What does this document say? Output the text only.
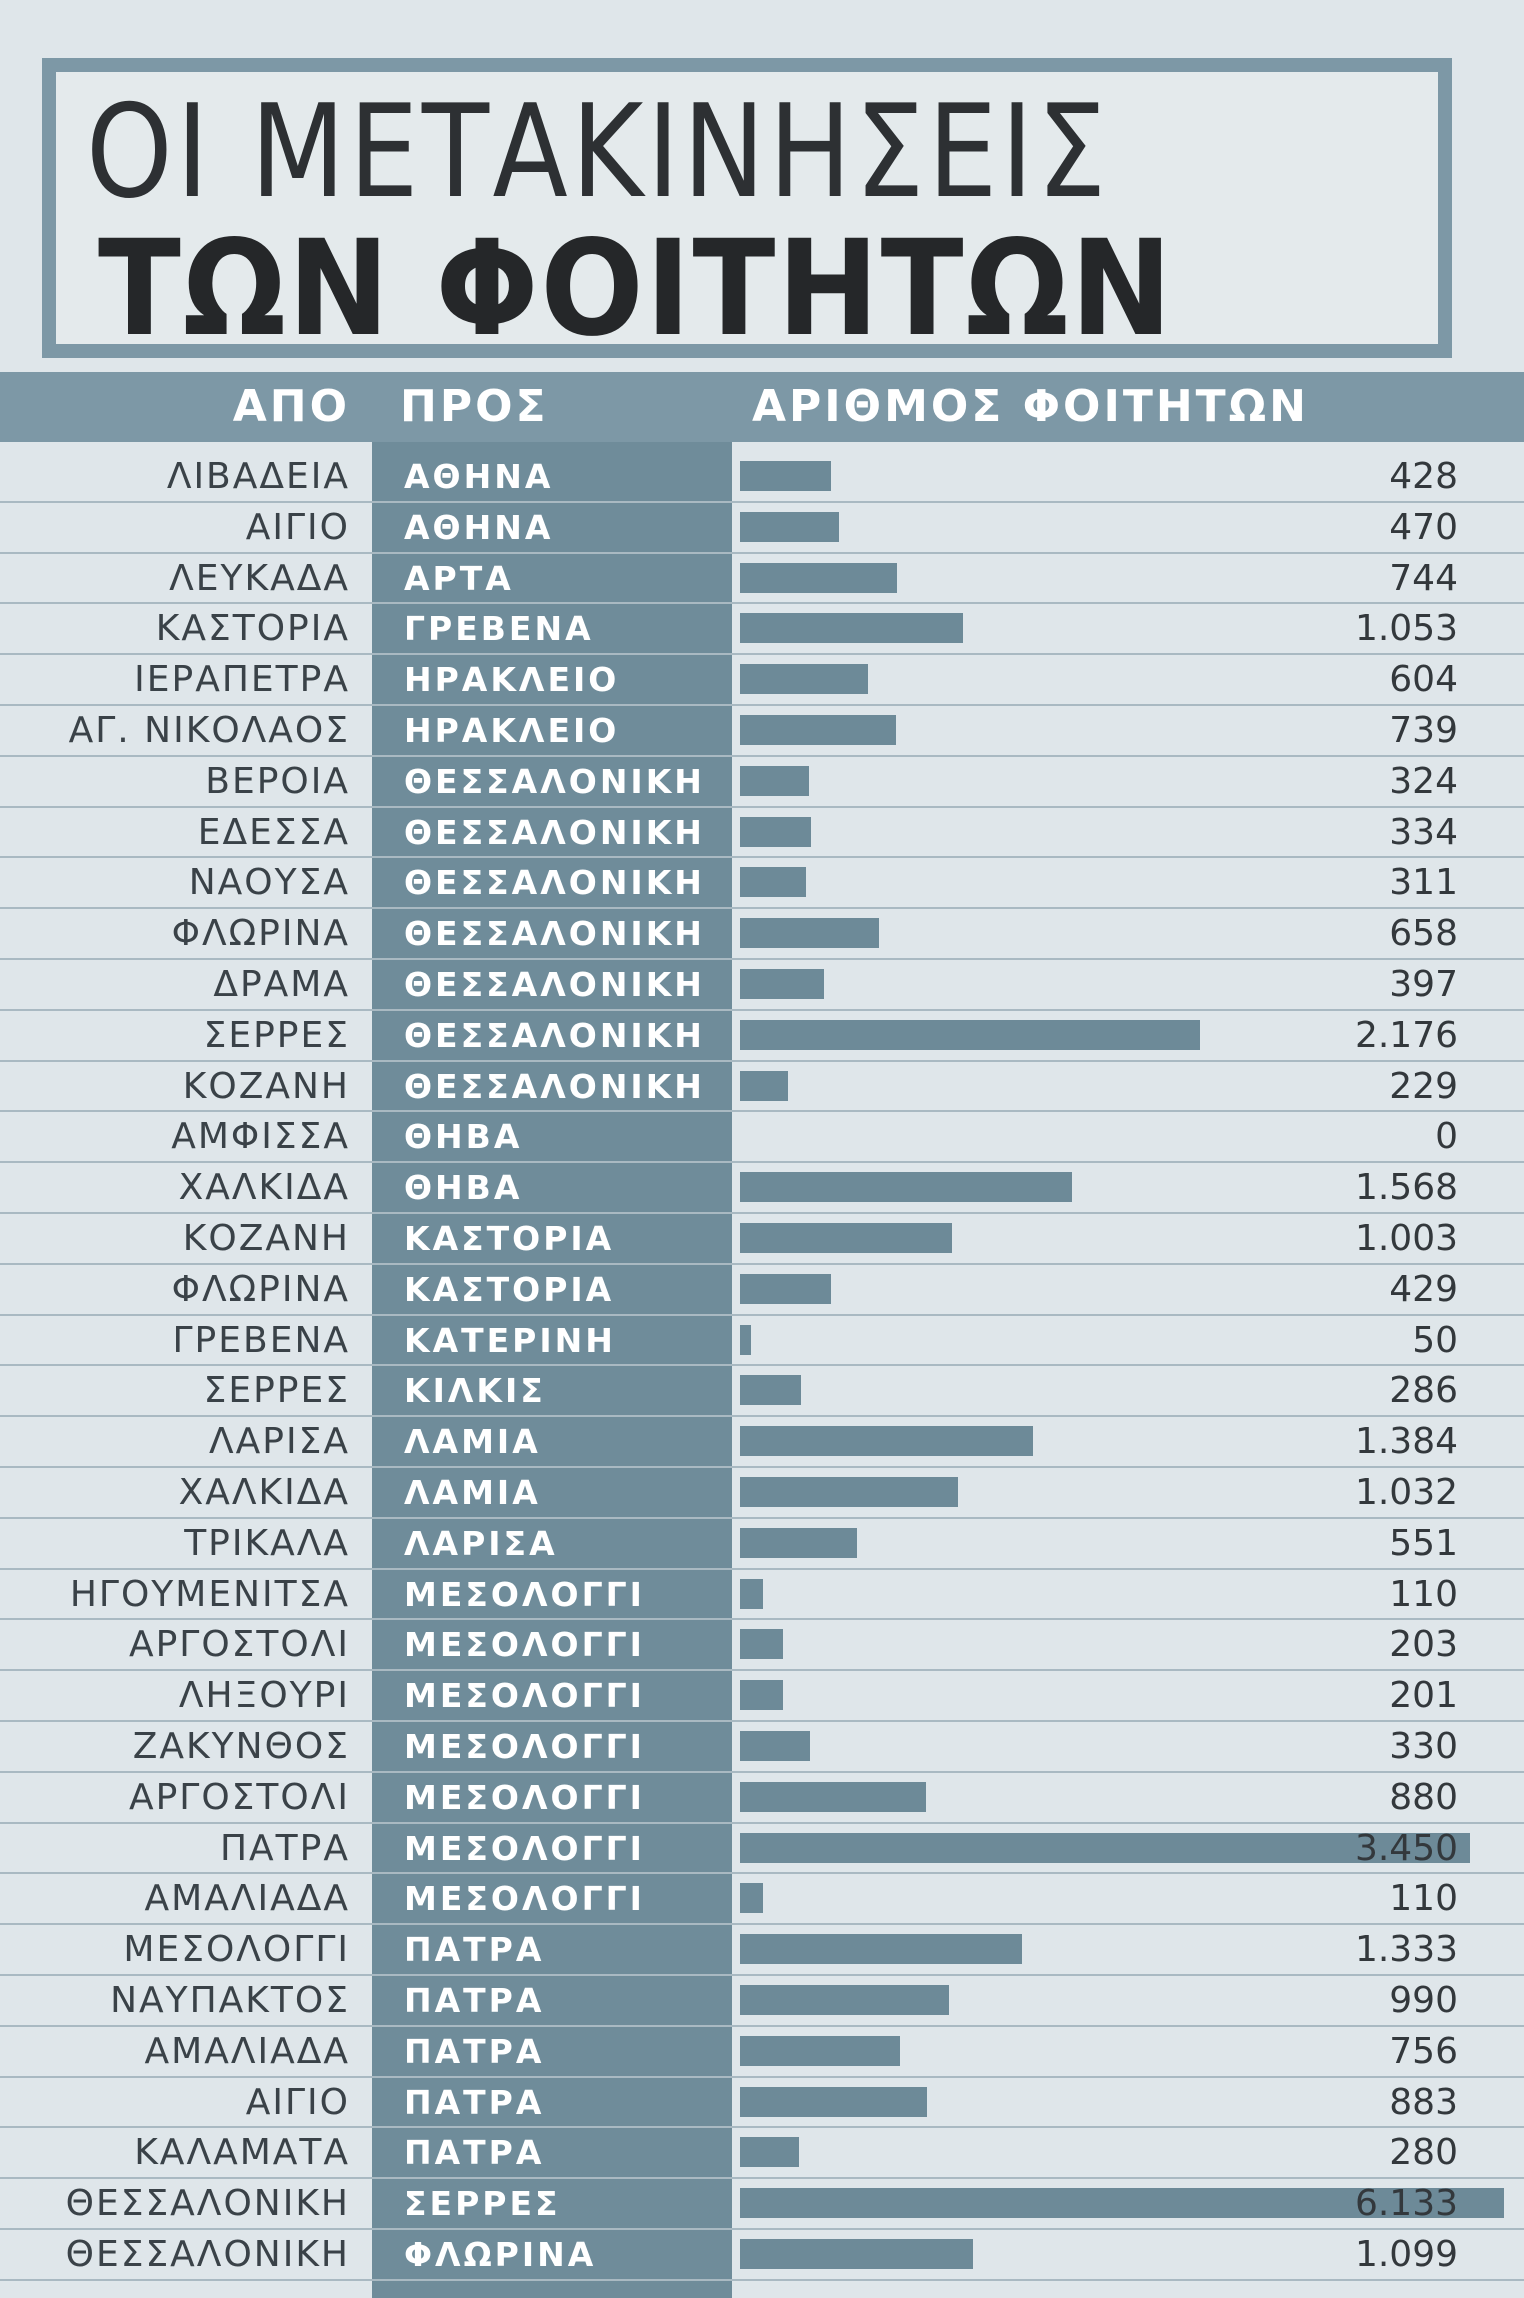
ΟΙ ΜΕΤΑΚΙΝΗΣΕΙΣ
ΤΩΝ ΦΟΙΤΗΤΩΝ
ΑΠΟ ΠΡΟΣ	ΑΡΙΘΜΟΣ ΦΟΙΤΗΤΩΝ
ΛΙΒΑΔΕΙΑ ΑΘΗΝΑ	428
ΑΙΓΙΟ ΑΘΗΝΑ	470
ΛΕΥΚΑΔΑ ΑΡΤΑ	744
ΚΑΣΤΟΡΙΑ ΓΡΕΒΕΝΑ	1.053
ΙΕΡΑΠΕΤΡΑ ΗΡΑΚΛΕΙΟ	604
ΑΓ. ΝΙΚΟΛΑΟΣ ΗΡΑΚΛΕΙΟ	739
ΒΕΡΟΙΑ ΘΕΣΣΑΛΟΝΙΚΗ	324
ΕΔΕΣΣΑ ΘΕΣΣΑΛΟΝΙΚΗ	334
ΝΑΟΥΣΑ ΘΕΣΣΑΛΟΝΙΚΗ	311
ΦΛΩΡΙΝΑ ΘΕΣΣΑΛΟΝΙΚΗ	658
ΔΡΑΜΑ ΘΕΣΣΑΛΟΝΙΚΗ	397
ΣΕΡΡΕΣ ΘΕΣΣΑΛΟΝΙΚΗ	2.176
ΚΟΖΑΝΗ ΘΕΣΣΑΛΟΝΙΚΗ	229
ΑΜΦΙΣΣΑ ΘΗΒΑ	0
ΧΑΛΚΙΔΑ ΘΗΒΑ	1.568
ΚΟΖΑΝΗ ΚΑΣΤΟΡΙΑ	1.003
ΦΛΩΡΙΝΑ ΚΑΣΤΟΡΙΑ	429
ΓΡΕΒΕΝΑ ΚΑΤΕΡΙΝΗ	50
ΣΕΡΡΕΣ ΚΙΛΚΙΣ	286
ΛΑΡΙΣΑ ΛΑΜΙΑ	1.384
ΧΑΛΚΙΔΑ ΛΑΜΙΑ	1.032
ΤΡΙΚΑΛΑ ΛΑΡΙΣΑ	551
ΗΓΟΥΜΕΝΙΤΣΑ ΜΕΣΟΛΟΓΓΙ	110
ΑΡΓΟΣΤΟΛΙ ΜΕΣΟΛΟΓΓΙ	203
ΛΗΞΟΥΡΙ ΜΕΣΟΛΟΓΓΙ	201
ΖΑΚΥΝΘΟΣ ΜΕΣΟΛΟΓΓΙ	330
ΑΡΓΟΣΤΟΛΙ ΜΕΣΟΛΟΓΓΙ	880
ΠΑΤΡΑ ΜΕΣΟΛΟΓΓΙ	3.450
ΑΜΑΛΙΑΔΑ ΜΕΣΟΛΟΓΓΙ	110
ΜΕΣΟΛΟΓΓΙ ΠΑΤΡΑ	1.333
ΝΑΥΠΑΚΤΟΣ ΠΑΤΡΑ	990
ΑΜΑΛΙΑΔΑ ΠΑΤΡΑ	756
ΑΙΓΙΟ ΠΑΤΡΑ	883
ΚΑΛΑΜΑΤΑ ΠΑΤΡΑ	280
ΘΕΣΣΑΛΟΝΙΚΗ ΣΕΡΡΕΣ	6.133
ΘΕΣΣΑΛΟΝΙΚΗ ΦΛΩΡΙΝΑ	1.099
